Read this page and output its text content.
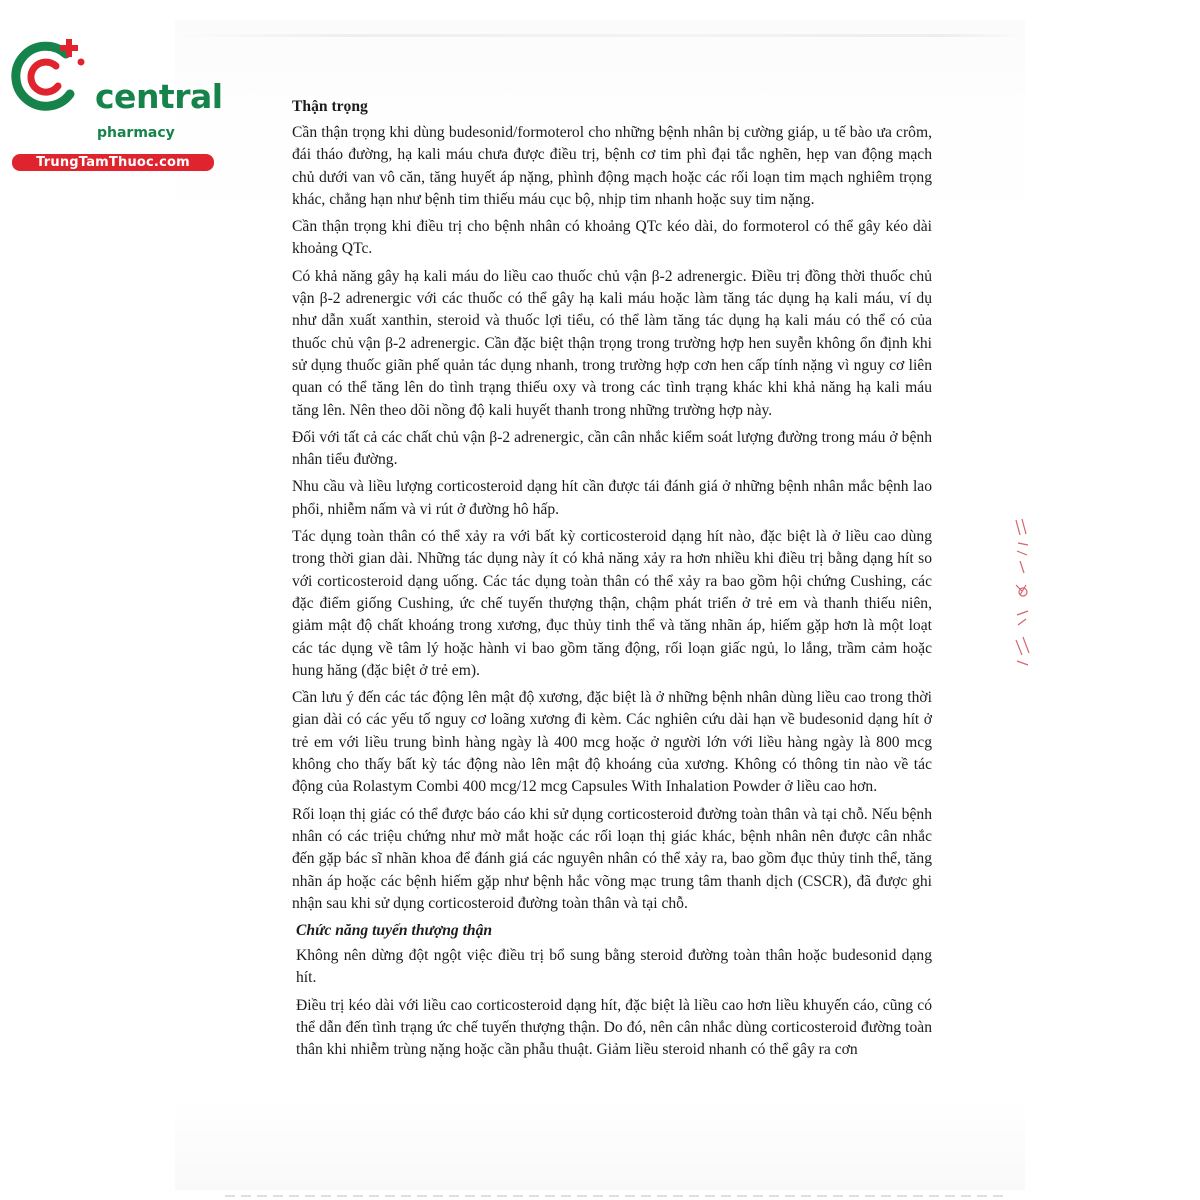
central
pharmacy
TrungTamThuoc.com
Thận trọng

Cần thận trọng khi dùng budesonid/formoterol cho những bệnh nhân bị cường giáp, u tế bào ưa crôm, đái tháo đường, hạ kali máu chưa được điều trị, bệnh cơ tim phì đại tắc nghẽn, hẹp van động mạch chủ dưới van vô căn, tăng huyết áp nặng, phình động mạch hoặc các rối loạn tim mạch nghiêm trọng khác, chẳng hạn như bệnh tim thiếu máu cục bộ, nhịp tim nhanh hoặc suy tim nặng.

Cần thận trọng khi điều trị cho bệnh nhân có khoảng QTc kéo dài, do formoterol có thể gây kéo dài khoảng QTc.

Có khả năng gây hạ kali máu do liều cao thuốc chủ vận β-2 adrenergic. Điều trị đồng thời thuốc chủ vận β-2 adrenergic với các thuốc có thể gây hạ kali máu hoặc làm tăng tác dụng hạ kali máu, ví dụ như dẫn xuất xanthin, steroid và thuốc lợi tiểu, có thể làm tăng tác dụng hạ kali máu có thể có của thuốc chủ vận β-2 adrenergic. Cần đặc biệt thận trọng trong trường hợp hen suyễn không ổn định khi sử dụng thuốc giãn phế quản tác dụng nhanh, trong trường hợp cơn hen cấp tính nặng vì nguy cơ liên quan có thể tăng lên do tình trạng thiếu oxy và trong các tình trạng khác khi khả năng hạ kali máu tăng lên. Nên theo dõi nồng độ kali huyết thanh trong những trường hợp này.

Đối với tất cả các chất chủ vận β-2 adrenergic, cần cân nhắc kiểm soát lượng đường trong máu ở bệnh nhân tiểu đường.

Nhu cầu và liều lượng corticosteroid dạng hít cần được tái đánh giá ở những bệnh nhân mắc bệnh lao phổi, nhiễm nấm và vi rút ở đường hô hấp.

Tác dụng toàn thân có thể xảy ra với bất kỳ corticosteroid dạng hít nào, đặc biệt là ở liều cao dùng trong thời gian dài. Những tác dụng này ít có khả năng xảy ra hơn nhiều khi điều trị bằng dạng hít so với corticosteroid dạng uống. Các tác dụng toàn thân có thể xảy ra bao gồm hội chứng Cushing, các đặc điểm giống Cushing, ức chế tuyến thượng thận, chậm phát triển ở trẻ em và thanh thiếu niên, giảm mật độ chất khoáng trong xương, đục thủy tinh thể và tăng nhãn áp, hiếm gặp hơn là một loạt các tác dụng về tâm lý hoặc hành vi bao gồm tăng động, rối loạn giấc ngủ, lo lắng, trầm cảm hoặc hung hăng (đặc biệt ở trẻ em).

Cần lưu ý đến các tác động lên mật độ xương, đặc biệt là ở những bệnh nhân dùng liều cao trong thời gian dài có các yếu tố nguy cơ loãng xương đi kèm. Các nghiên cứu dài hạn về budesonid dạng hít ở trẻ em với liều trung bình hàng ngày là 400 mcg hoặc ở người lớn với liều hàng ngày là 800 mcg không cho thấy bất kỳ tác động nào lên mật độ khoáng của xương. Không có thông tin nào về tác động của Rolastym Combi 400 mcg/12 mcg Capsules With Inhalation Powder ở liều cao hơn.

Rối loạn thị giác có thể được báo cáo khi sử dụng corticosteroid đường toàn thân và tại chỗ. Nếu bệnh nhân có các triệu chứng như mờ mắt hoặc các rối loạn thị giác khác, bệnh nhân nên được cân nhắc đến gặp bác sĩ nhãn khoa để đánh giá các nguyên nhân có thể xảy ra, bao gồm đục thủy tinh thể, tăng nhãn áp hoặc các bệnh hiếm gặp như bệnh hắc võng mạc trung tâm thanh dịch (CSCR), đã được ghi nhận sau khi sử dụng corticosteroid đường toàn thân và tại chỗ.

Chức năng tuyến thượng thận

Không nên dừng đột ngột việc điều trị bổ sung bằng steroid đường toàn thân hoặc budesonid dạng hít.

Điều trị kéo dài với liều cao corticosteroid dạng hít, đặc biệt là liều cao hơn liều khuyến cáo, cũng có thể dẫn đến tình trạng ức chế tuyến thượng thận. Do đó, nên cân nhắc dùng corticosteroid đường toàn thân khi nhiễm trùng nặng hoặc cần phẫu thuật. Giảm liều steroid nhanh có thể gây ra cơn
